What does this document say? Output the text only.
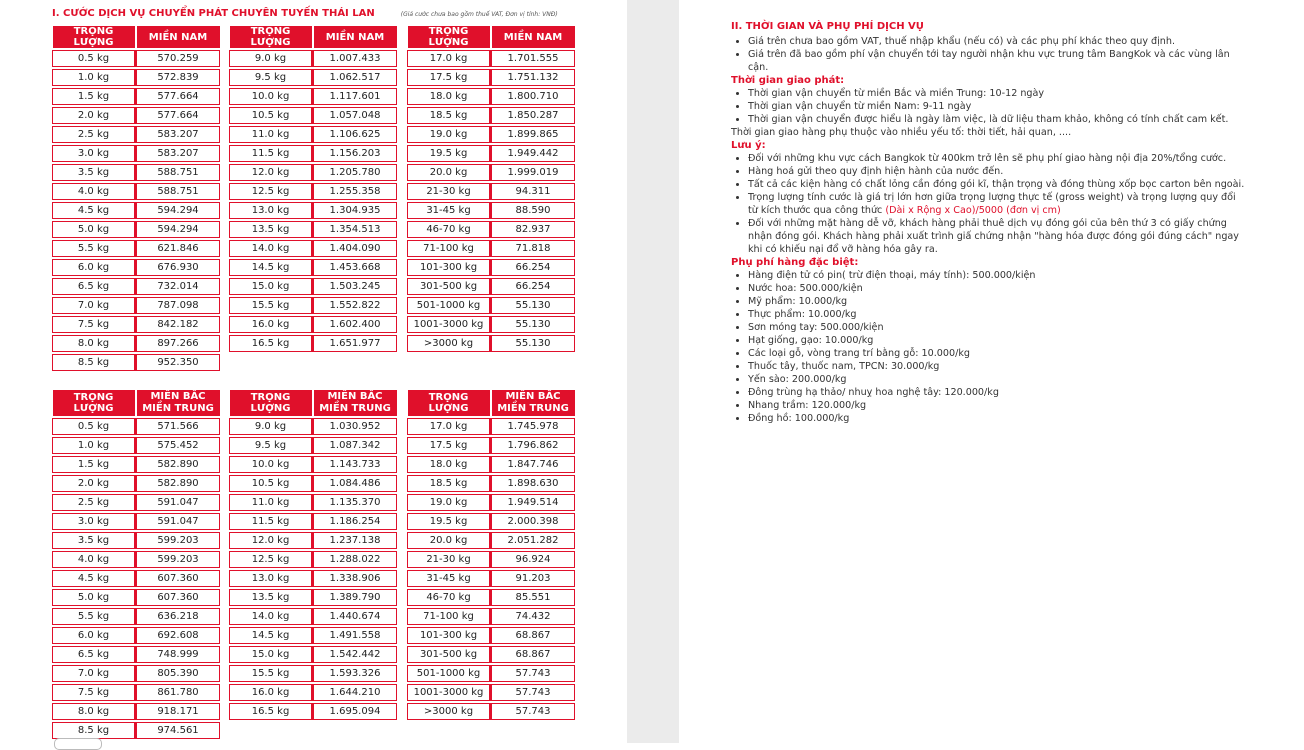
I. CƯỚC DỊCH VỤ CHUYỂN PHÁT CHUYÊN TUYẾN THÁI LAN	(Giá cước chưa bao gồm thuế VAT, Đơn vị tính: VNĐ)
TRỌNG LƯỢNG	MIỀN NAM

0.5 kg	570.259

1.0 kg	572.839

1.5 kg	577.664

2.0 kg	577.664

2.5 kg	583.207

3.0 kg	583.207

3.5 kg	588.751

4.0 kg	588.751

4.5 kg	594.294

5.0 kg	594.294

5.5 kg	621.846

6.0 kg	676.930

6.5 kg	732.014

7.0 kg	787.098

7.5 kg	842.182

8.0 kg	897.266

8.5 kg	952.350

TRỌNG LƯỢNG	MIỀN NAM

9.0 kg	1.007.433

9.5 kg	1.062.517

10.0 kg	1.117.601

10.5 kg	1.057.048

11.0 kg	1.106.625

11.5 kg	1.156.203

12.0 kg	1.205.780

12.5 kg	1.255.358

13.0 kg	1.304.935

13.5 kg	1.354.513

14.0 kg	1.404.090

14.5 kg	1.453.668

15.0 kg	1.503.245

15.5 kg	1.552.822

16.0 kg	1.602.400

16.5 kg	1.651.977

TRỌNG LƯỢNG	MIỀN NAM

17.0 kg	1.701.555

17.5 kg	1.751.132

18.0 kg	1.800.710

18.5 kg	1.850.287

19.0 kg	1.899.865

19.5 kg	1.949.442

20.0 kg	1.999.019

21-30 kg	94.311

31-45 kg	88.590

46-70 kg	82.937

71-100 kg	71.818

101-300 kg	66.254

301-500 kg	66.254

501-1000 kg	55.130

1001-3000 kg	55.130

>3000 kg	55.130

TRỌNG LƯỢNG	MIỀN BẮC
MIỀN TRUNG

0.5 kg	571.566

1.0 kg	575.452

1.5 kg	582.890

2.0 kg	582.890

2.5 kg	591.047

3.0 kg	591.047

3.5 kg	599.203

4.0 kg	599.203

4.5 kg	607.360

5.0 kg	607.360

5.5 kg	636.218

6.0 kg	692.608

6.5 kg	748.999

7.0 kg	805.390

7.5 kg	861.780

8.0 kg	918.171

8.5 kg	974.561

TRỌNG LƯỢNG	MIỀN BẮC
MIỀN TRUNG

9.0 kg	1.030.952

9.5 kg	1.087.342

10.0 kg	1.143.733

10.5 kg	1.084.486

11.0 kg	1.135.370

11.5 kg	1.186.254

12.0 kg	1.237.138

12.5 kg	1.288.022

13.0 kg	1.338.906

13.5 kg	1.389.790

14.0 kg	1.440.674

14.5 kg	1.491.558

15.0 kg	1.542.442

15.5 kg	1.593.326

16.0 kg	1.644.210

16.5 kg	1.695.094

TRỌNG LƯỢNG	MIỀN BẮC
MIỀN TRUNG

17.0 kg	1.745.978

17.5 kg	1.796.862

18.0 kg	1.847.746

18.5 kg	1.898.630

19.0 kg	1.949.514

19.5 kg	2.000.398

20.0 kg	2.051.282

21-30 kg	96.924

31-45 kg	91.203

46-70 kg	85.551

71-100 kg	74.432

101-300 kg	68.867

301-500 kg	68.867

501-1000 kg	57.743

1001-3000 kg	57.743

>3000 kg	57.743

II. THỜI GIAN VÀ PHỤ PHÍ DỊCH VỤ
• Giá trên chưa bao gồm VAT, thuế nhập khẩu (nếu có) và các phụ phí khác theo quy định.
• Giá trên đã bao gồm phí vận chuyển tới tay người nhận khu vực trung tâm BangKok và các vùng lân cận.
Thời gian giao phát:
• Thời gian vận chuyển từ miền Bắc và miền Trung: 10-12 ngày
• Thời gian vận chuyển từ miền Nam: 9-11 ngày
• Thời gian vận chuyển được hiểu là ngày làm việc, là dữ liệu tham khảo, không có tính chất cam kết.

Thời gian giao hàng phụ thuộc vào nhiều yếu tố: thời tiết, hải quan, ....

Lưu ý:
• Đối với những khu vực cách Bangkok từ 400km trở lên sẽ phụ phí giao hàng nội địa 20%/tổng cước.
• Hàng hoá gửi theo quy định hiện hành của nước đến.
• Tất cả các kiện hàng có chất lỏng cần đóng gói kĩ, thận trọng và đóng thùng xốp bọc carton bên ngoài.
• Trọng lượng tính cước là giá trị lớn hơn giữa trọng lượng thực tế (gross weight) và trọng lượng quy đổi từ kích thước qua công thức (Dài x Rộng x Cao)/5000 (đơn vị cm)
• Đối với những mặt hàng dễ vỡ, khách hàng phải thuê dịch vụ đóng gói của bên thứ 3 có giấy chứng nhận đóng gói. Khách hàng phải xuất trình giấ chứng nhận "hàng hóa được đóng gói đúng cách" ngay khi có khiếu nại đổ vỡ hàng hóa gây ra.
Phụ phí hàng đặc biệt:
• Hàng điện tử có pin( trừ điện thoại, máy tính): 500.000/kiện
• Nước hoa: 500.000/kiện
• Mỹ phẩm: 10.000/kg
• Thực phẩm: 10.000/kg
• Sơn móng tay: 500.000/kiện
• Hạt giống, gạo: 10.000/kg
• Các loại gỗ, vòng trang trí bằng gỗ: 10.000/kg
• Thuốc tây, thuốc nam, TPCN: 30.000/kg
• Yến sào: 200.000/kg
• Đông trùng hạ thảo/ nhuỵ hoa nghệ tây: 120.000/kg
• Nhang trầm: 120.000/kg
• Đồng hồ: 100.000/kg
